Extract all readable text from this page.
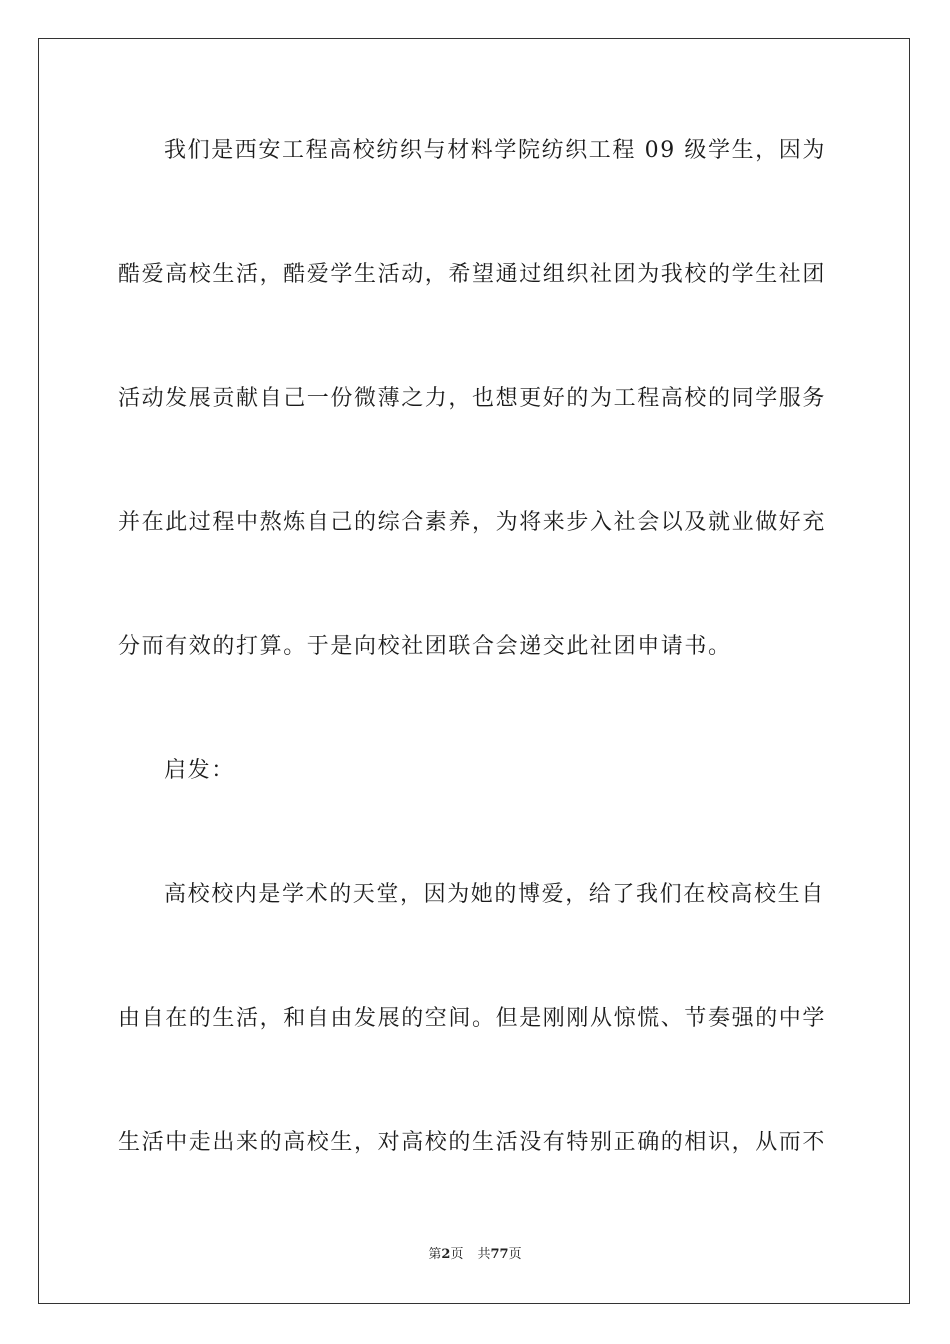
我们是西安工程高校纺织与材料学院纺织工程 09 级学生，因为

酷爱高校生活，酷爱学生活动，希望通过组织社团为我校的学生社团

活动发展贡献自己一份微薄之力，也想更好的为工程高校的同学服务

并在此过程中熬炼自己的综合素养，为将来步入社会以及就业做好充

分而有效的打算。于是向校社团联合会递交此社团申请书。

启发：

高校校内是学术的天堂，因为她的博爱，给了我们在校高校生自

由自在的生活，和自由发展的空间。但是刚刚从惊慌、节奏强的中学

生活中走出来的高校生，对高校的生活没有特别正确的相识，从而不

第2页 共77页
